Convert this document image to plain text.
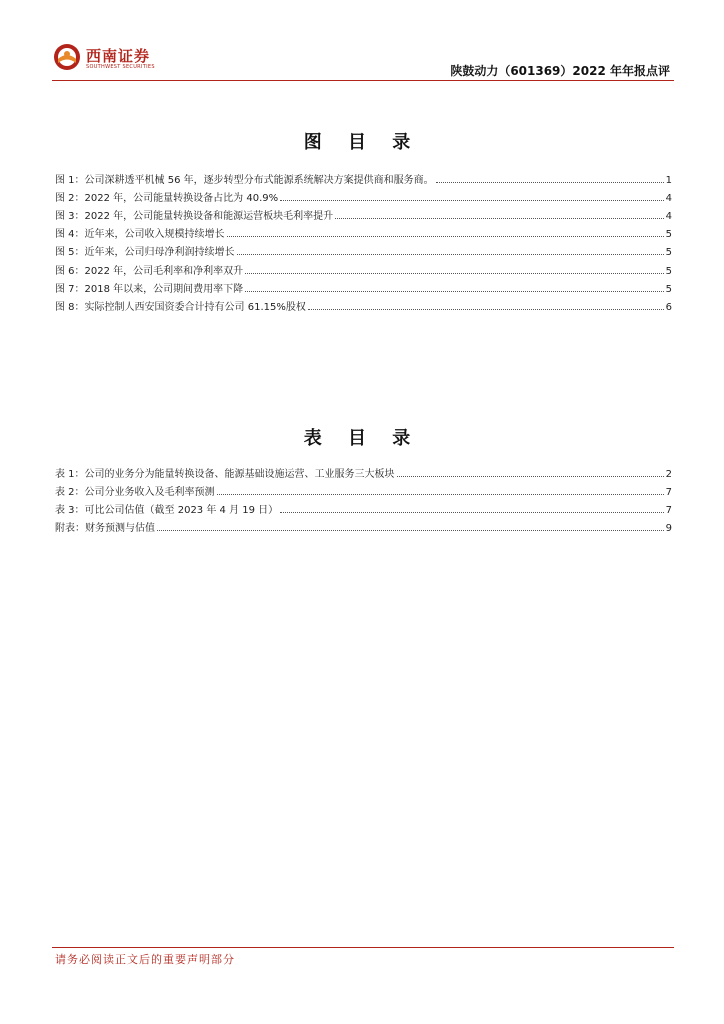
西南证券
SOUTHWEST SECURITIES	陕鼓动力（601369）2022 年年报点评
图 目 录
图 1：公司深耕透平机械 56 年，逐步转型分布式能源系统解决方案提供商和服务商。	1
图 2：2022 年，公司能量转换设备占比为 40.9%	4
图 3：2022 年，公司能量转换设备和能源运营板块毛利率提升	4
图 4：近年来，公司收入规模持续增长	5
图 5：近年来，公司归母净利润持续增长	5
图 6：2022 年，公司毛利率和净利率双升	5
图 7：2018 年以来，公司期间费用率下降	5
图 8：实际控制人西安国资委合计持有公司 61.15%股权	6
表 目 录
表 1：公司的业务分为能量转换设备、能源基础设施运营、工业服务三大板块	2
表 2：公司分业务收入及毛利率预测	7
表 3：可比公司估值（截至 2023 年 4 月 19 日）	7
附表：财务预测与估值	9
请务必阅读正文后的重要声明部分
